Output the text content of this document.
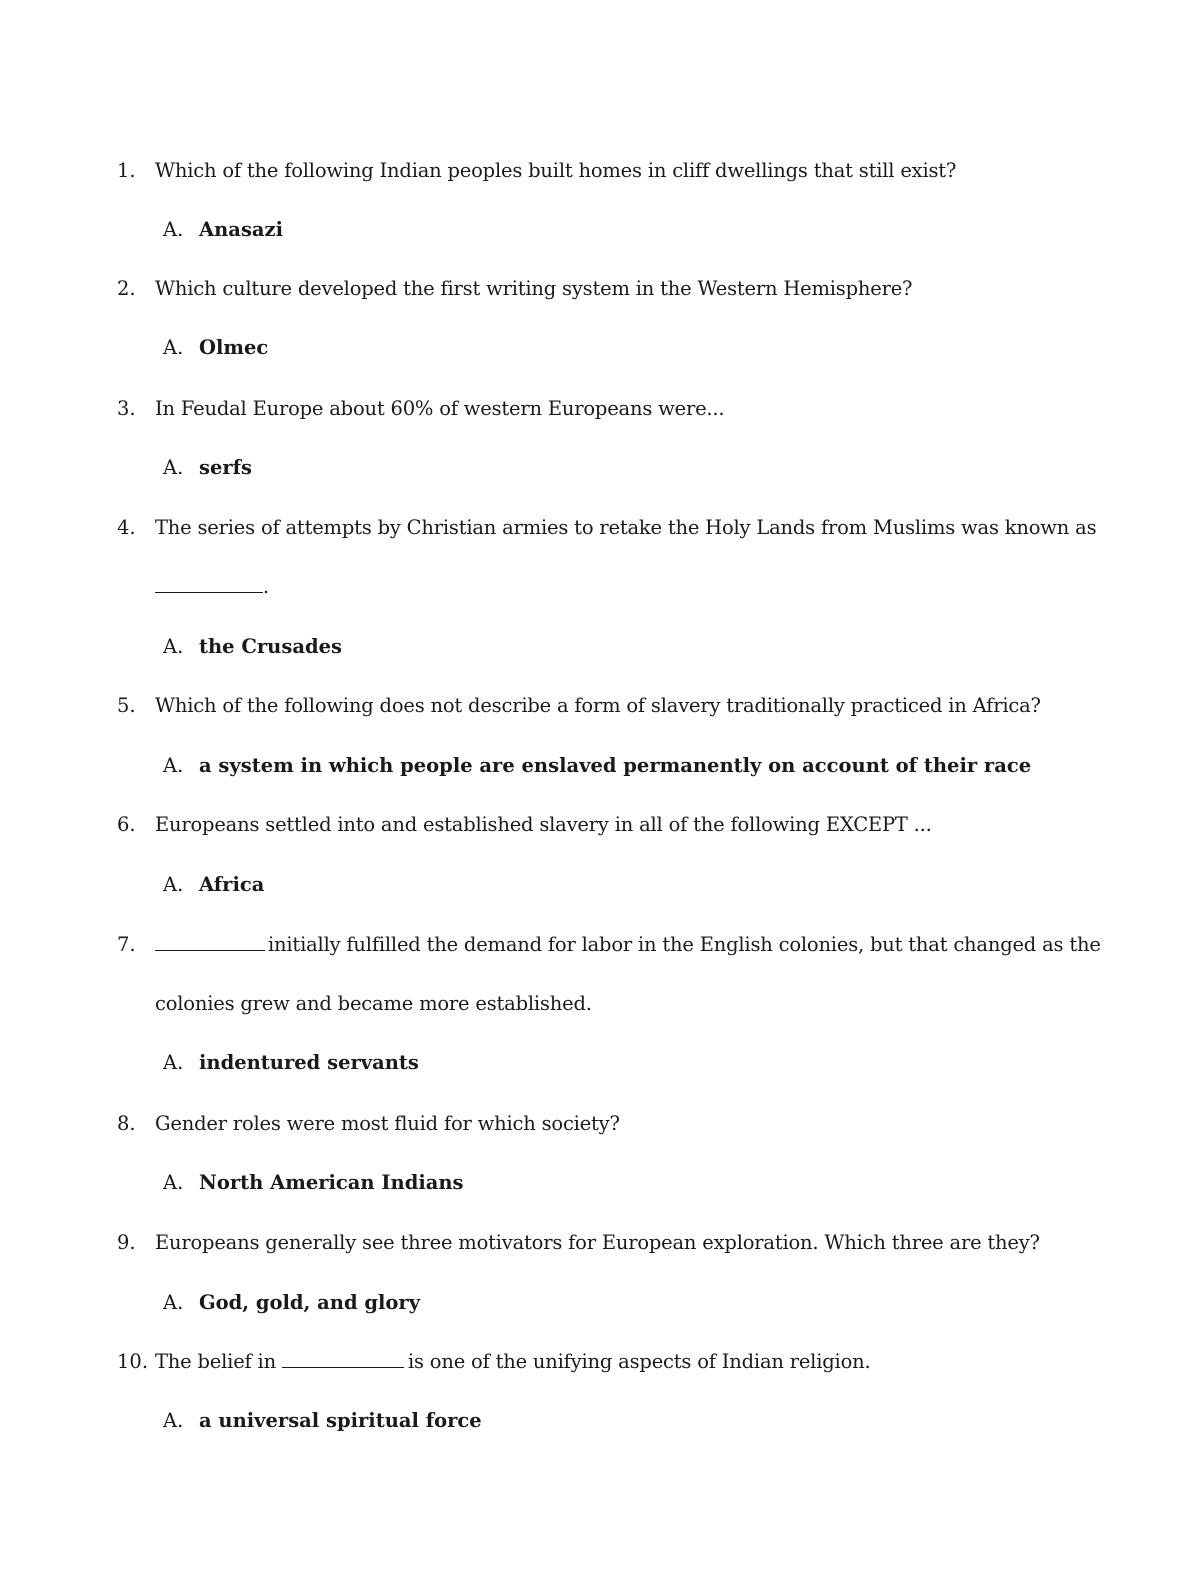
1. Which of the following Indian peoples built homes in cliff dwellings that still exist?
A. Anasazi
2. Which culture developed the first writing system in the Western Hemisphere?
A. Olmec
3. In Feudal Europe about 60% of western Europeans were...
A. serfs
4. The series of attempts by Christian armies to retake the Holy Lands from Muslims was known as
.
A. the Crusades
5. Which of the following does not describe a form of slavery traditionally practiced in Africa?
A. a system in which people are enslaved permanently on account of their race
6. Europeans settled into and established slavery in all of the following EXCEPT ...
A. Africa
7.	initially fulfilled the demand for labor in the English colonies, but that changed as the
colonies grew and became more established.
A. indentured servants
8. Gender roles were most fluid for which society?
A. North American Indians
9. Europeans generally see three motivators for European exploration. Which three are they?
A. God, gold, and glory
10. The belief in	is one of the unifying aspects of Indian religion.
A. a universal spiritual force
